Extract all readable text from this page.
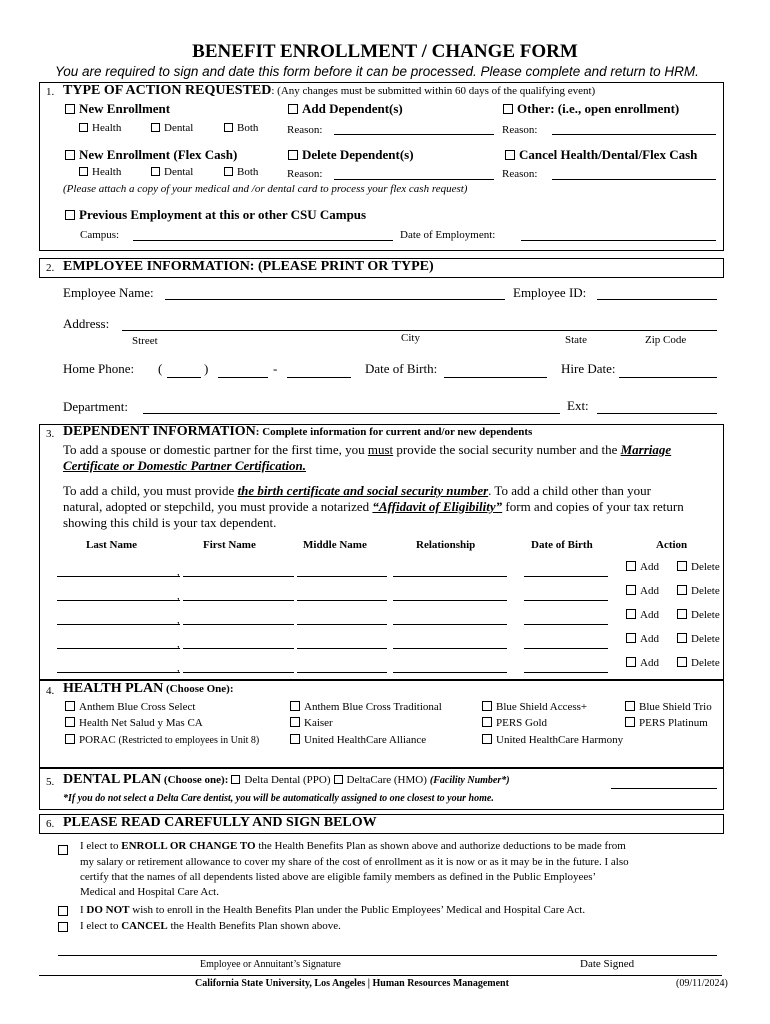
BENEFIT ENROLLMENT / CHANGE FORM
You are required to sign and date this form before it can be processed. Please complete and return to HRM.
1. TYPE OF ACTION REQUESTED: (Any changes must be submitted within 60 days of the qualifying event)
New Enrollment	Add Dependent(s)	Other: (i.e., open enrollment)
Health	Dental	Both	Reason:	Reason:
New Enrollment (Flex Cash)	Delete Dependent(s)	Cancel Health/Dental/Flex Cash
Health	Dental	Both	Reason:	Reason:
(Please attach a copy of your medical and /or dental card to process your flex cash request)
Previous Employment at this or other CSU Campus
Campus:	Date of Employment:
2. EMPLOYEE INFORMATION: (PLEASE PRINT OR TYPE)
Employee Name:	Employee ID:
Address:
Street	City	State	Zip Code
Home Phone: (	)	-	Date of Birth:	Hire Date:
Department:	Ext:
3. DEPENDENT INFORMATION: Complete information for current and/or new dependents
To add a spouse or domestic partner for the first time, you must provide the social security number and the Marriage
Certificate or Domestic Partner Certification.
To add a child, you must provide the birth certificate and social security number. To add a child other than your
natural, adopted or stepchild, you must provide a notarized “Affidavit of Eligibility” form and copies of your tax return
showing this child is your tax dependent.
Last Name	First Name	Middle Name	Relationship	Date of Birth	Action
,	Add	Delete
,	Add	Delete
,	Add	Delete
,	Add	Delete
,	Add	Delete
4. HEALTH PLAN (Choose One):
Anthem Blue Cross Select	Anthem Blue Cross Traditional	Blue Shield Access+	Blue Shield Trio
Health Net Salud y Mas CA	Kaiser	PERS Gold	PERS Platinum
PORAC (Restricted to employees in Unit 8)	United HealthCare Alliance	United HealthCare Harmony
5. DENTAL PLAN (Choose one): Delta Dental (PPO) DeltaCare (HMO) (Facility Number*)
*If you do not select a Delta Care dentist, you will be automatically assigned to one closest to your home.
6. PLEASE READ CAREFULLY AND SIGN BELOW
I elect to ENROLL OR CHANGE TO the Health Benefits Plan as shown above and authorize deductions to be made from
my salary or retirement allowance to cover my share of the cost of enrollment as it is now or as it may be in the future. I also
certify that the names of all dependents listed above are eligible family members as defined in the Public Employees’
Medical and Hospital Care Act.
I DO NOT wish to enroll in the Health Benefits Plan under the Public Employees’ Medical and Hospital Care Act.
I elect to CANCEL the Health Benefits Plan shown above.
Employee or Annuitant’s Signature	Date Signed
California State University, Los Angeles | Human Resources Management	(09/11/2024)
